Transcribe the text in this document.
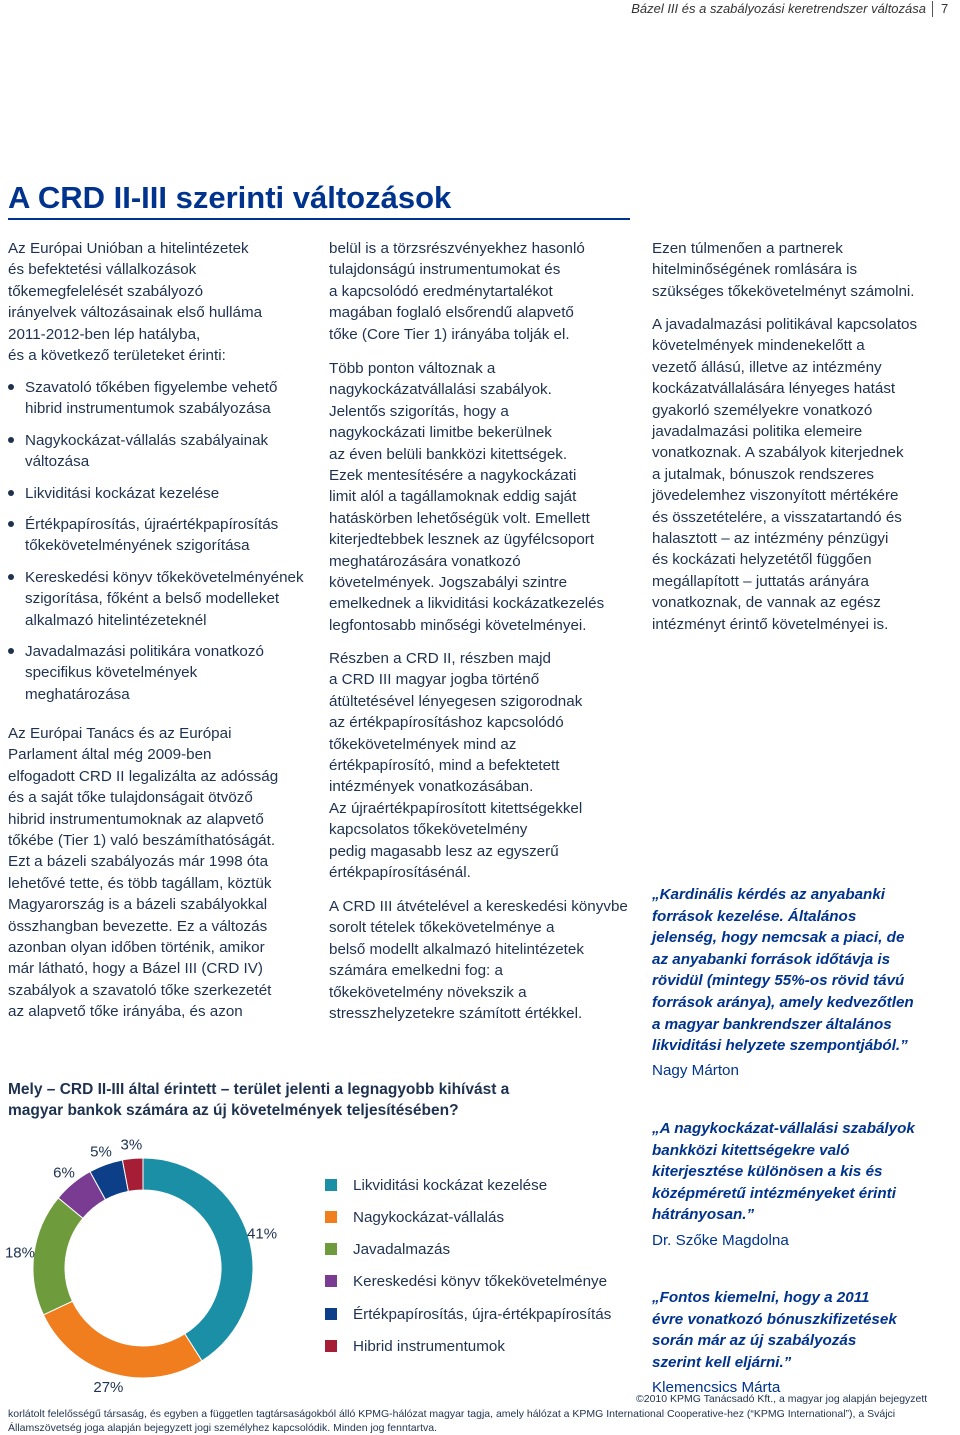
Bázel III és a szabályozási keretrendszer változása 7
A CRD II-III szerinti változások
Az Európai Unióban a hitelintézetek
és befektetési vállalkozások
tőkemegfelelését szabályozó
irányelvek változásainak első hulláma
2011-2012-ben lép hatályba,
és a következő területeket érinti:
Szavatoló tőkében figyelembe vehető
hibrid instrumentumok szabályozása
Nagykockázat-vállalás szabályainak
változása
Likviditási kockázat kezelése
Értékpapírosítás, újraértékpapírosítás
tőkekövetelményének szigorítása
Kereskedési könyv tőkekövetelményének
szigorítása, főként a belső modelleket
alkalmazó hitelintézeteknél
Javadalmazási politikára vonatkozó
specifikus követelmények
meghatározása
Az Európai Tanács és az Európai
Parlament által még 2009-ben
elfogadott CRD II legalizálta az adósság
és a saját tőke tulajdonságait ötvöző
hibrid instrumentumoknak az alapvető
tőkébe (Tier 1) való beszámíthatóságát.
Ezt a bázeli szabályozás már 1998 óta
lehetővé tette, és több tagállam, köztük
Magyarország is a bázeli szabályokkal
összhangban bevezette. Ez a változás
azonban olyan időben történik, amikor
már látható, hogy a Bázel III (CRD IV)
szabályok a szavatoló tőke szerkezetét
az alapvető tőke irányába, és azon
belül is a törzsrészvényekhez hasonló
tulajdonságú instrumentumokat és
a kapcsolódó eredménytartalékot
magában foglaló elsőrendű alapvető
tőke (Core Tier 1) irányába tolják el.
Több ponton változnak a
nagykockázatvállalási szabályok.
Jelentős szigorítás, hogy a
nagykockázati limitbe bekerülnek
az éven belüli bankközi kitettségek.
Ezek mentesítésére a nagykockázati
limit alól a tagállamoknak eddig saját
hatáskörben lehetőségük volt. Emellett
kiterjedtebbek lesznek az ügyfélcsoport
meghatározására vonatkozó
követelmények. Jogszabályi szintre
emelkednek a likviditási kockázatkezelés
legfontosabb minőségi követelményei.
Részben a CRD II, részben majd
a CRD III magyar jogba történő
átültetésével lényegesen szigorodnak
az értékpapírosításhoz kapcsolódó
tőkekövetelmények mind az
értékpapírosító, mind a befektetett
intézmények vonatkozásában.
Az újraértékpapírosított kitettségekkel
kapcsolatos tőkekövetelmény
pedig magasabb lesz az egyszerű
értékpapírosításénál.
A CRD III átvételével a kereskedési könyvbe
sorolt tételek tőkekövetelménye a
belső modellt alkalmazó hitelintézetek
számára emelkedni fog: a
tőkekövetelmény növekszik a
stresszhelyzetekre számított értékkel.
Ezen túlmenően a partnerek
hitelminőségének romlására is
szükséges tőkekövetelményt számolni.
A javadalmazási politikával kapcsolatos
követelmények mindenekelőtt a
vezető állású, illetve az intézmény
kockázatvállalására lényeges hatást
gyakorló személyekre vonatkozó
javadalmazási politika elemeire
vonatkoznak. A szabályok kiterjednek
a jutalmak, bónuszok rendszeres
jövedelemhez viszonyított mértékére
és összetételére, a visszatartandó és
halasztott – az intézmény pénzügyi
és kockázati helyzetétől függően
megállapított – juttatás arányára
vonatkoznak, de vannak az egész
intézményt érintő követelményei is.
„Kardinális kérdés az anyabanki
források kezelése. Általános
jelenség, hogy nemcsak a piaci, de
az anyabanki források időtávja is
rövidül (mintegy 55%-os rövid távú
források aránya), amely kedvezőtlen
a magyar bankrendszer általános
likviditási helyzete szempontjából.”
Nagy Márton
„A nagykockázat-vállalási szabályok
bankközi kitettségekre való
kiterjesztése különösen a kis és
középméretű intézményeket érinti
hátrányosan.”
Dr. Szőke Magdolna
„Fontos kiemelni, hogy a 2011
évre vonatkozó bónuszkifizetések
során már az új szabályozás
szerint kell eljárni.”
Klemencsics Márta
Mely – CRD II-III által érintett – terület jelenti a legnagyobb kihívást a
magyar bankok számára az új követelmények teljesítésében?
41%
27%
18%
6%
5% 3%
Likviditási kockázat kezelése
Nagykockázat-vállalás
Javadalmazás
Kereskedési könyv tőkekövetelménye
Értékpapírosítás, újra-értékpapírosítás
Hibrid instrumentumok
©2010 KPMG Tanácsadó Kft., a magyar jog alapján bejegyzett
korlátolt felelősségű társaság, és egyben a független tagtársaságokból álló KPMG-hálózat magyar tagja, amely hálózat a KPMG International Cooperative-hez (“KPMG International”), a Svájci
Államszövetség joga alapján bejegyzett jogi személyhez kapcsolódik. Minden jog fenntartva.
